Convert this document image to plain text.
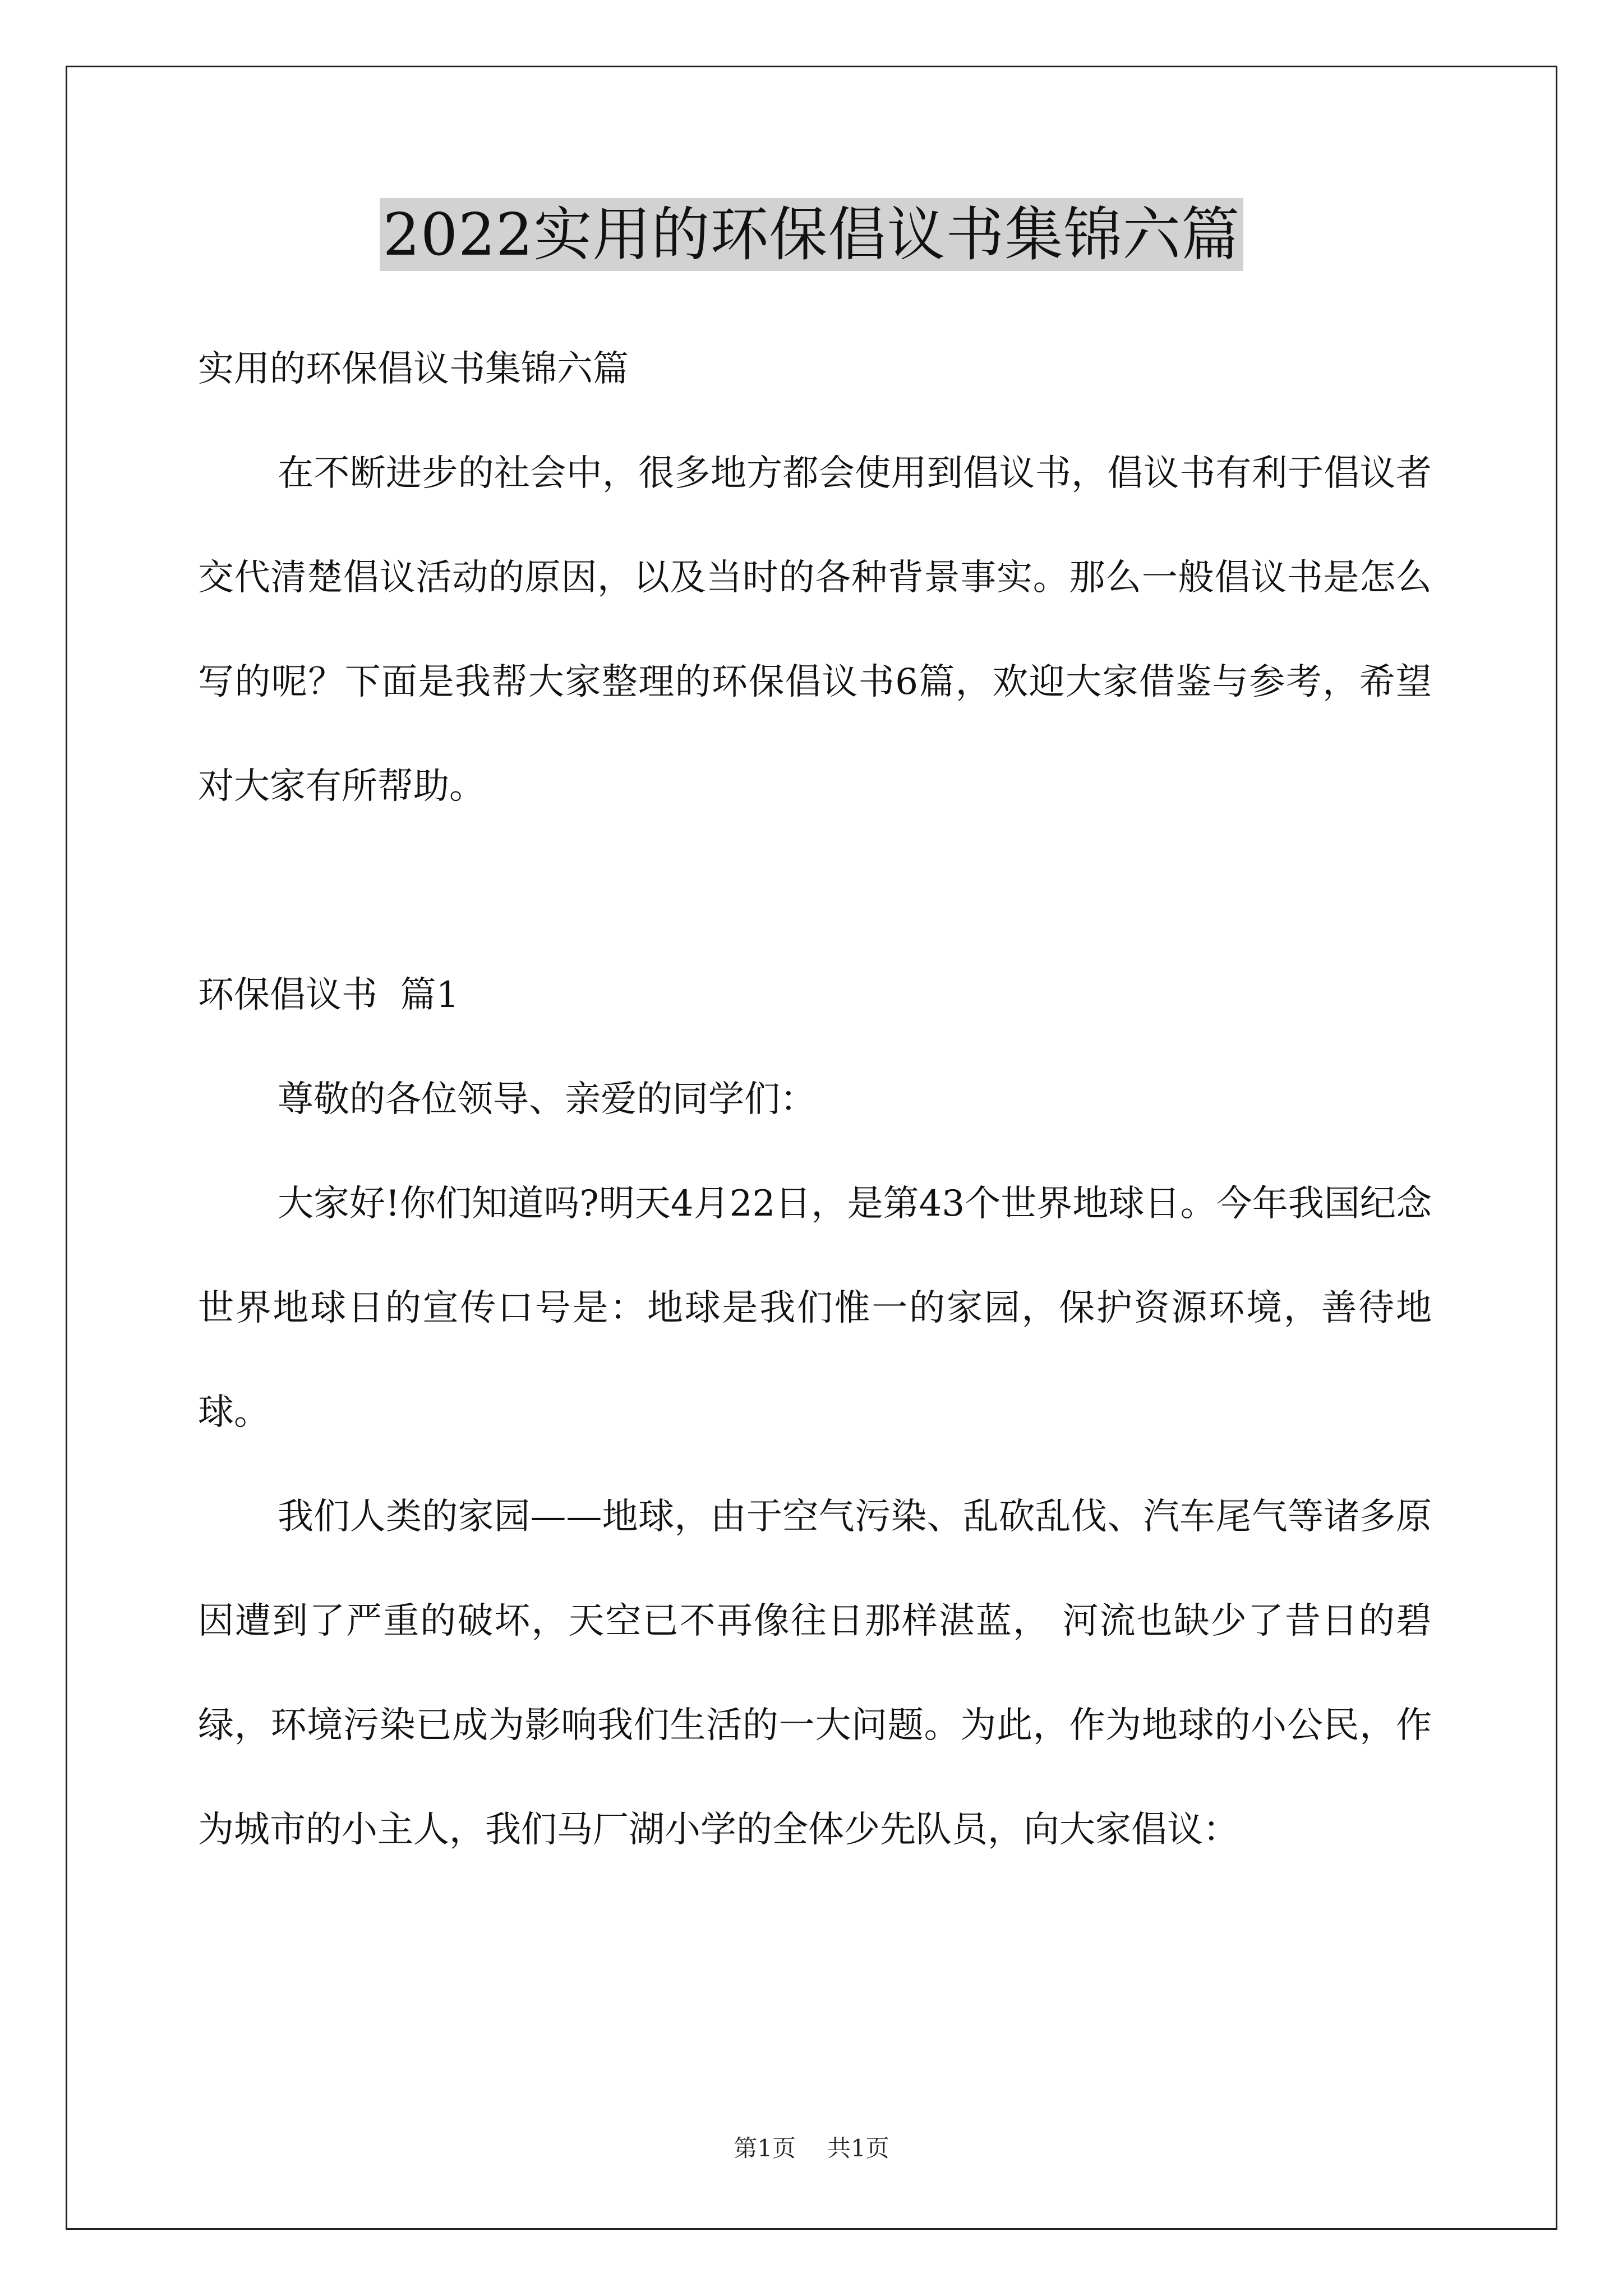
2022实用的环保倡议书集锦六篇

实用的环保倡议书集锦六篇

在不断进步的社会中，很多地方都会使用到倡议书，倡议书有利于倡议者交代清楚倡议活动的原因，以及当时的各种背景事实。那么一般倡议书是怎么写的呢？下面是我帮大家整理的环保倡议书6篇，欢迎大家借鉴与参考，希望对大家有所帮助。

环保倡议书  篇1

尊敬的各位领导、亲爱的同学们：

大家好!你们知道吗?明天4月22日，是第43个世界地球日。今年我国纪念世界地球日的宣传口号是：地球是我们惟一的家园，保护资源环境，善待地球。

我们人类的家园——地球，由于空气污染、乱砍乱伐、汽车尾气等诸多原因遭到了严重的破坏，天空已不再像往日那样湛蓝， 河流也缺少了昔日的碧绿，环境污染已成为影响我们生活的一大问题。为此，作为地球的小公民，作为城市的小主人，我们马厂湖小学的全体少先队员，向大家倡议：

第1页 共1页
